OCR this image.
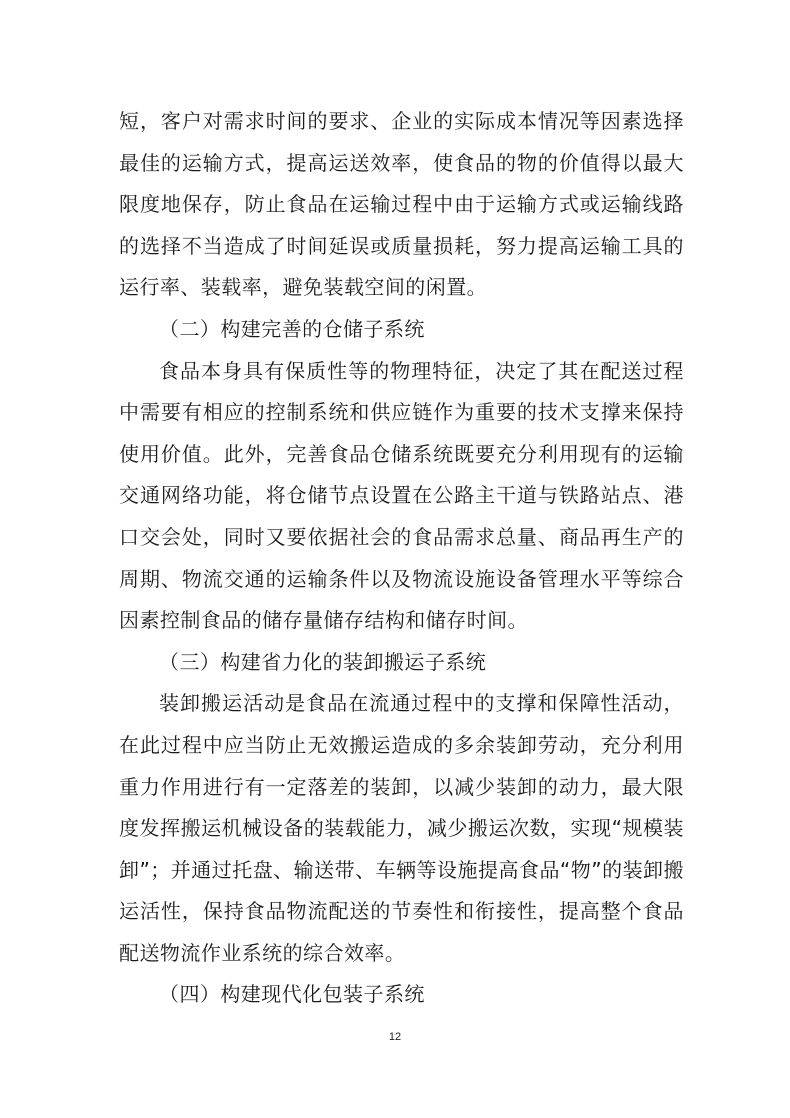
短，客户对需求时间的要求、企业的实际成本情况等因素选择最佳的运输方式，提高运送效率，使食品的物的价值得以最大限度地保存，防止食品在运输过程中由于运输方式或运输线路的选择不当造成了时间延误或质量损耗，努力提高运输工具的运行率、装载率，避免装载空间的闲置。

（二）构建完善的仓储子系统

食品本身具有保质性等的物理特征，决定了其在配送过程中需要有相应的控制系统和供应链作为重要的技术支撑来保持使用价值。此外，完善食品仓储系统既要充分利用现有的运输交通网络功能，将仓储节点设置在公路主干道与铁路站点、港口交会处，同时又要依据社会的食品需求总量、商品再生产的周期、物流交通的运输条件以及物流设施设备管理水平等综合因素控制食品的储存量储存结构和储存时间。

（三）构建省力化的装卸搬运子系统

装卸搬运活动是食品在流通过程中的支撑和保障性活动，在此过程中应当防止无效搬运造成的多余装卸劳动，充分利用重力作用进行有一定落差的装卸，以减少装卸的动力，最大限度发挥搬运机械设备的装载能力，减少搬运次数，实现“规模装卸”；并通过托盘、输送带、车辆等设施提高食品“物”的装卸搬运活性，保持食品物流配送的节奏性和衔接性，提高整个食品配送物流作业系统的综合效率。

（四）构建现代化包装子系统

12
